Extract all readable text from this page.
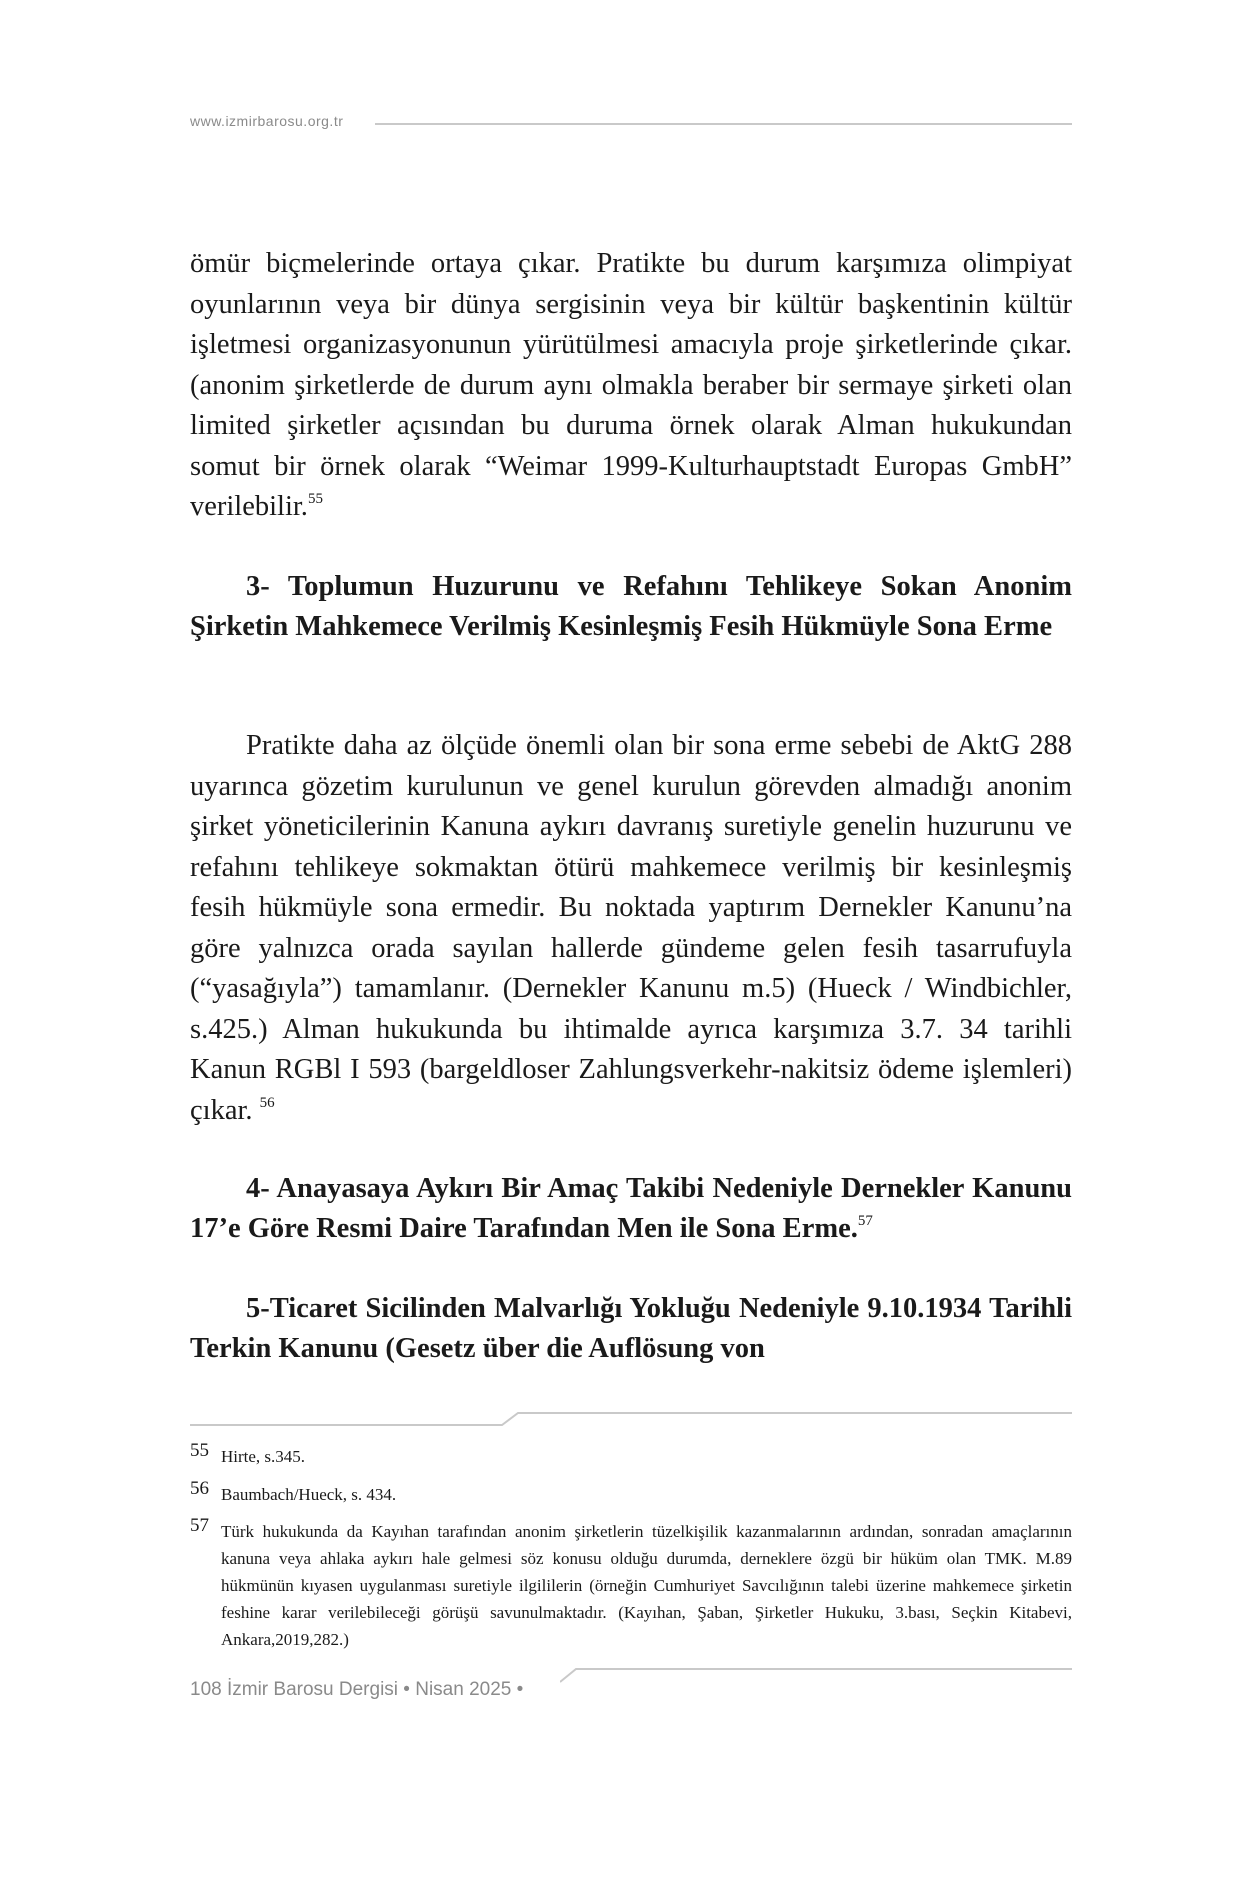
www.izmirbarosu.org.tr

ömür biçmelerinde ortaya çıkar. Pratikte bu durum karşımıza olimpiyat oyunlarının veya bir dünya sergisinin veya bir kültür başkentinin kültür işletmesi organizasyonunun yürütülmesi amacıyla proje şirketlerinde çıkar. (anonim şirketlerde de durum aynı olmakla beraber bir sermaye şirketi olan limited şirketler açısından bu duruma örnek olarak Alman hukukundan somut bir örnek olarak “Weimar 1999-Kulturhauptstadt Europas GmbH” verilebilir.$^{55}$

3- Toplumun Huzurunu ve Refahını Tehlikeye Sokan Anonim Şirketin Mahkemece Verilmiş Kesinleşmiş Fesih Hükmüyle Sona Erme

Pratikte daha az ölçüde önemli olan bir sona erme sebebi de AktG 288 uyarınca gözetim kurulunun ve genel kurulun görevden almadığı anonim şirket yöneticilerinin Kanuna aykırı davranış suretiyle genelin huzurunu ve refahını tehlikeye sokmaktan ötürü mahkemece verilmiş bir kesinleşmiş fesih hükmüyle sona ermedir. Bu noktada yaptırım Dernekler Kanunu’na göre yalnızca orada sayılan hallerde gündeme gelen fesih tasarrufuyla (“yasağıyla”) tamamlanır. (Dernekler Kanunu m.5) (Hueck / Windbichler, s.425.) Alman hukukunda bu ihtimalde ayrıca karşımıza 3.7. 34 tarihli Kanun RGBl I 593 (bargeldloser Zahlungsverkehr-nakitsiz ödeme işlemleri) çıkar. $^{56}$

4- Anayasaya Aykırı Bir Amaç Takibi Nedeniyle Dernekler Kanunu 17’e Göre Resmi Daire Tarafından Men ile Sona Erme.$^{57}$

5-Ticaret Sicilinden Malvarlığı Yokluğu Nedeniyle 9.10.1934 Tarihli Terkin Kanunu (Gesetz über die Auflösung von

55 Hirte, s.345.
56 Baumbach/Hueck, s. 434.
57 Türk hukukunda da Kayıhan tarafından anonim şirketlerin tüzelkişilik kazanmalarının ardından, sonradan amaçlarının kanuna veya ahlaka aykırı hale gelmesi söz konusu olduğu durumda, derneklere özgü bir hüküm olan TMK. M.89 hükmünün kıyasen uygulanması suretiyle ilgililerin (örneğin Cumhuriyet Savcılığının talebi üzerine mahkemece şirketin feshine karar verilebileceği görüşü savunulmaktadır. (Kayıhan, Şaban, Şirketler Hukuku, 3.bası, Seçkin Kitabevi, Ankara,2019,282.)
108 İzmir Barosu Dergisi • Nisan 2025 •
